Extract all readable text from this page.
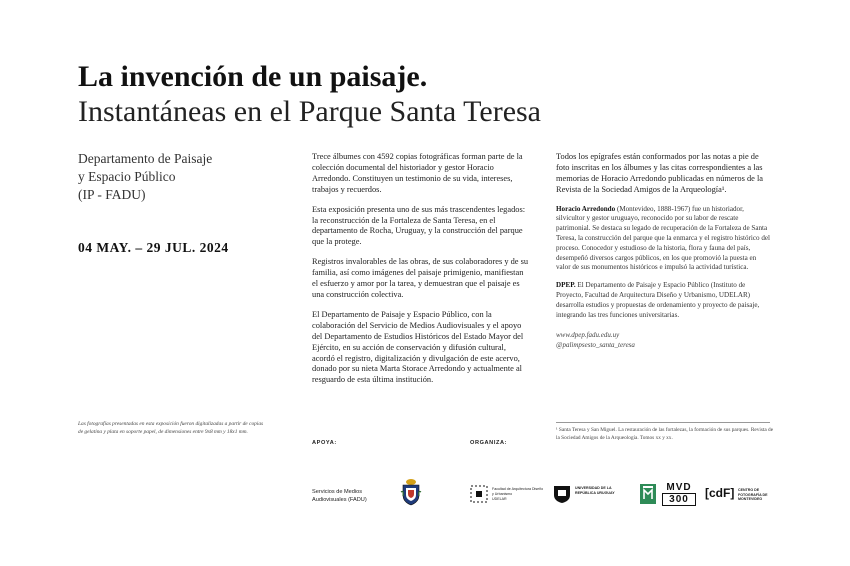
La invención de un paisaje.
Instantáneas en el Parque Santa Teresa
Departamento de Paisaje
y Espacio Público
(IP - FADU)
04 MAY. – 29 JUL. 2024
Las fotografías presentadas en esta exposición fueron digitalizadas a partir de copias de gelatina y plata en soporte papel, de dimensiones entre 9x8 mm y 18x1 mm.

Trece álbumes con 4592 copias fotográficas forman parte de la colección documental del historiador y gestor Horacio Arredondo. Constituyen un testimonio de su vida, intereses, trabajos y recuerdos.

Esta exposición presenta uno de sus más trascendentes legados: la reconstrucción de la Fortaleza de Santa Teresa, en el departamento de Rocha, Uruguay, y la construcción del parque que la protege.

Registros invalorables de las obras, de sus colaboradores y de su familia, así como imágenes del paisaje primigenio, manifiestan el esfuerzo y amor por la tarea, y demuestran que el paisaje es una construcción colectiva.

El Departamento de Paisaje y Espacio Público, con la colaboración del Servicio de Medios Audiovisuales y el apoyo del Departamento de Estudios Históricos del Estado Mayor del Ejército, en su acción de conservación y difusión cultural, acordó el registro, digitalización y divulgación de este acervo, donado por su nieta Marta Storace Arredondo y actualmente al resguardo de esta última institución.

Todos los epígrafes están conformados por las notas a pie de foto inscritas en los álbumes y las citas correspondientes a las memorias de Horacio Arredondo publicadas en números de la Revista de la Sociedad Amigos de la Arqueología¹.

Horacio Arredondo (Montevideo, 1888-1967) fue un historiador, silvicultor y gestor uruguayo, reconocido por su labor de rescate patrimonial. Se destaca su legado de recuperación de la Fortaleza de Santa Teresa, la construcción del parque que la enmarca y el registro histórico del proceso. Conocedor y estudioso de la historia, flora y fauna del país, desempeñó diversos cargos públicos, en los que promovió la puesta en valor de sus monumentos históricos e impulsó la actividad turística.

DPEP. El Departamento de Paisaje y Espacio Público (Instituto de Proyecto, Facultad de Arquitectura Diseño y Urbanismo, UDELAR) desarrolla estudios y propuestas de ordenamiento y proyecto de paisaje, integrando las tres funciones universitarias.

www.dpep.fadu.edu.uy
@palimpsesto_santa_teresa
¹ Santa Teresa y San Miguel. La restauración de las fortalezas, la formación de sus parques. Revista de la Sociedad Amigos de la Arqueología. Tomos xx y xx.
APOYA:
Servicios de Medios Audiovisuales (FADU)
ORGANIZA:
Facultad de Arquitectura Diseño y Urbanismo
UDELAR
UNIVERSIDAD DE LA REPÚBLICA URUGUAY	MVD
300	[cdF] CENTRO DE FOTOGRAFÍA DE MONTEVIDEO
